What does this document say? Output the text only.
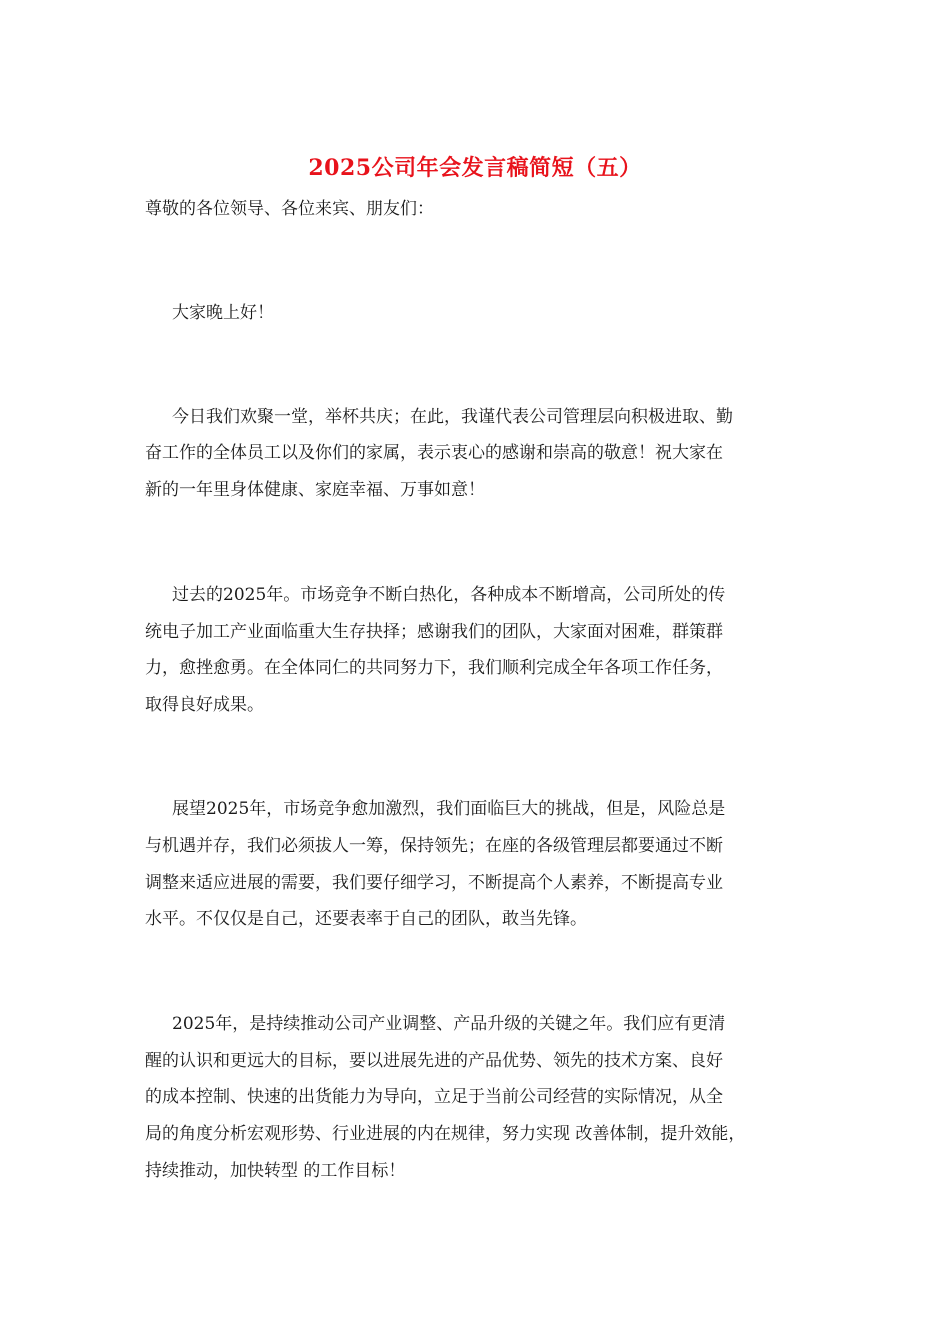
2025公司年会发言稿简短（五）
尊敬的各位领导、各位来宾、朋友们：
大家晚上好！
今日我们欢聚一堂，举杯共庆；在此，我谨代表公司管理层向积极进取、勤
奋工作的全体员工以及你们的家属，表示衷心的感谢和崇高的敬意！祝大家在
新的一年里身体健康、家庭幸福、万事如意！
过去的2025年。市场竞争不断白热化，各种成本不断增高，公司所处的传
统电子加工产业面临重大生存抉择；感谢我们的团队，大家面对困难，群策群
力，愈挫愈勇。在全体同仁的共同努力下，我们顺利完成全年各项工作任务，
取得良好成果。
展望2025年，市场竞争愈加激烈，我们面临巨大的挑战，但是，风险总是
与机遇并存，我们必须拔人一筹，保持领先；在座的各级管理层都要通过不断
调整来适应进展的需要，我们要仔细学习，不断提高个人素养，不断提高专业
水平。不仅仅是自己，还要表率于自己的团队，敢当先锋。
2025年，是持续推动公司产业调整、产品升级的关键之年。我们应有更清
醒的认识和更远大的目标，要以进展先进的产品优势、领先的技术方案、良好
的成本控制、快速的出货能力为导向，立足于当前公司经营的实际情况，从全
局的角度分析宏观形势、行业进展的内在规律，努力实现 改善体制，提升效能，
持续推动，加快转型 的工作目标！
